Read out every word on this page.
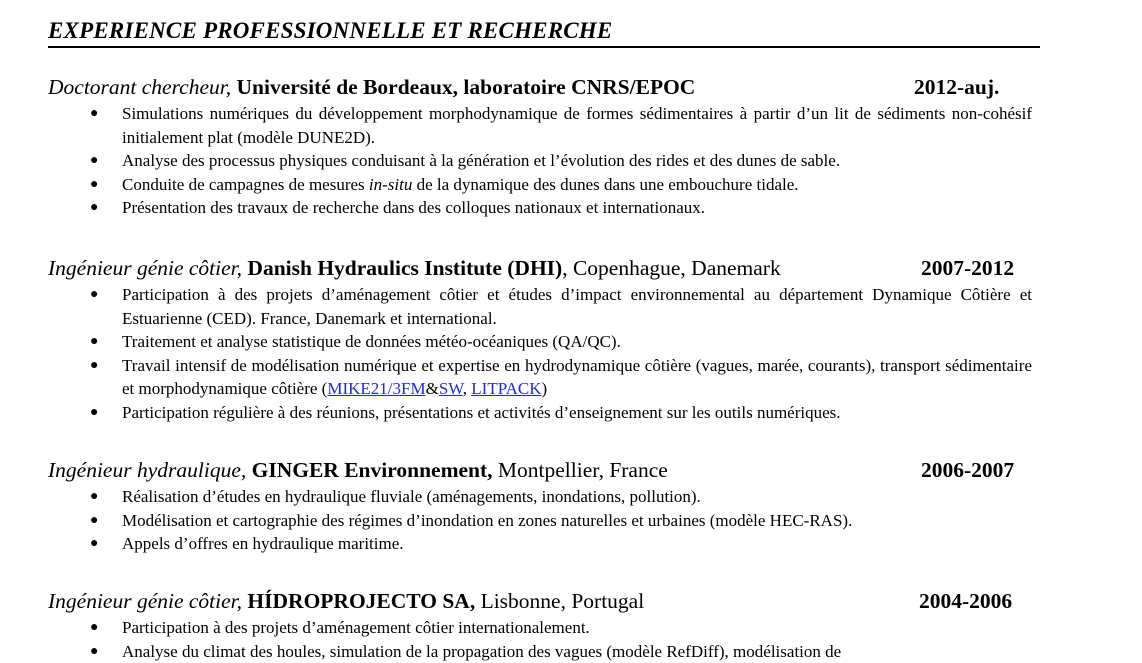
EXPERIENCE PROFESSIONNELLE ET RECHERCHE
Doctorant chercheur, Université de Bordeaux, laboratoire CNRS/EPOC	2012-auj.
● Simulations numériques du développement morphodynamique de formes sédimentaires à partir d’un lit de sédiments non-cohésif initialement plat (modèle DUNE2D).
● Analyse des processus physiques conduisant à la génération et l’évolution des rides et des dunes de sable.
● Conduite de campagnes de mesures in-situ de la dynamique des dunes dans une embouchure tidale.
● Présentation des travaux de recherche dans des colloques nationaux et internationaux.
Ingénieur génie côtier, Danish Hydraulics Institute (DHI), Copenhague, Danemark	2007-2012
● Participation à des projets d’aménagement côtier et études d’impact environnemental au département Dynamique Côtière et Estuarienne (CED). France, Danemark et international.
● Traitement et analyse statistique de données météo-océaniques (QA/QC).
● Travail intensif de modélisation numérique et expertise en hydrodynamique côtière (vagues, marée, courants), transport sédimentaire et morphodynamique côtière (MIKE21/3FM&SW, LITPACK)
● Participation régulière à des réunions, présentations et activités d’enseignement sur les outils numériques.
Ingénieur hydraulique, GINGER Environnement, Montpellier, France	2006-2007
● Réalisation d’études en hydraulique fluviale (aménagements, inondations, pollution).
● Modélisation et cartographie des régimes d’inondation en zones naturelles et urbaines (modèle HEC-RAS).
● Appels d’offres en hydraulique maritime.
Ingénieur génie côtier, HÍDROPROJECTO SA, Lisbonne, Portugal	2004-2006
● Participation à des projets d’aménagement côtier internationalement.
● Analyse du climat des houles, simulation de la propagation des vagues (modèle RefDiff), modélisation de
